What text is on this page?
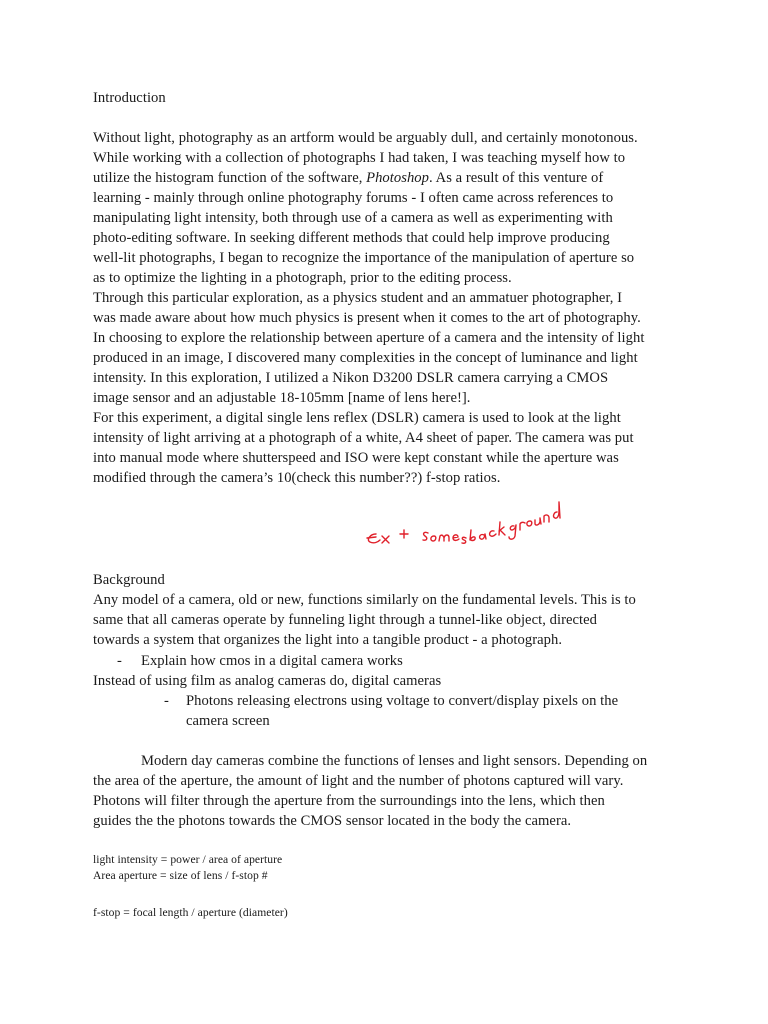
Introduction
Without light, photography as an artform would be arguably dull, and certainly monotonous.
While working with a collection of photographs I had taken, I was teaching myself how to
utilize the histogram function of the software, Photoshop. As a result of this venture of
learning - mainly through online photography forums - I often came across references to
manipulating light intensity, both through use of a camera as well as experimenting with
photo-editing software. In seeking different methods that could help improve producing
well-lit photographs, I began to recognize the importance of the manipulation of aperture so
as to optimize the lighting in a photograph, prior to the editing process.
Through this particular exploration, as a physics student and an ammatuer photographer, I
was made aware about how much physics is present when it comes to the art of photography.
In choosing to explore the relationship between aperture of a camera and the intensity of light
produced in an image, I discovered many complexities in the concept of luminance and light
intensity. In this exploration, I utilized a Nikon D3200 DSLR camera carrying a CMOS
image sensor and an adjustable 18-105mm [name of lens here!].
For this experiment, a digital single lens reflex (DSLR) camera is used to look at the light
intensity of light arriving at a photograph of a white, A4 sheet of paper. The camera was put
into manual mode where shutterspeed and ISO were kept constant while the aperture was
modified through the camera’s 10(check this number??) f-stop ratios.
Ex + some background
Background
Any model of a camera, old or new, functions similarly on the fundamental levels. This is to
same that all cameras operate by funneling light through a tunnel-like object, directed
towards a system that organizes the light into a tangible product - a photograph.
- Explain how cmos in a digital camera works
Instead of using film as analog cameras do, digital cameras
- Photons releasing electrons using voltage to convert/display pixels on the
camera screen
Modern day cameras combine the functions of lenses and light sensors. Depending on
the area of the aperture, the amount of light and the number of photons captured will vary.
Photons will filter through the aperture from the surroundings into the lens, which then
guides the the photons towards the CMOS sensor located in the body the camera.
light intensity = power / area of aperture
Area aperture = size of lens / f-stop #
f-stop = focal length / aperture (diameter)
